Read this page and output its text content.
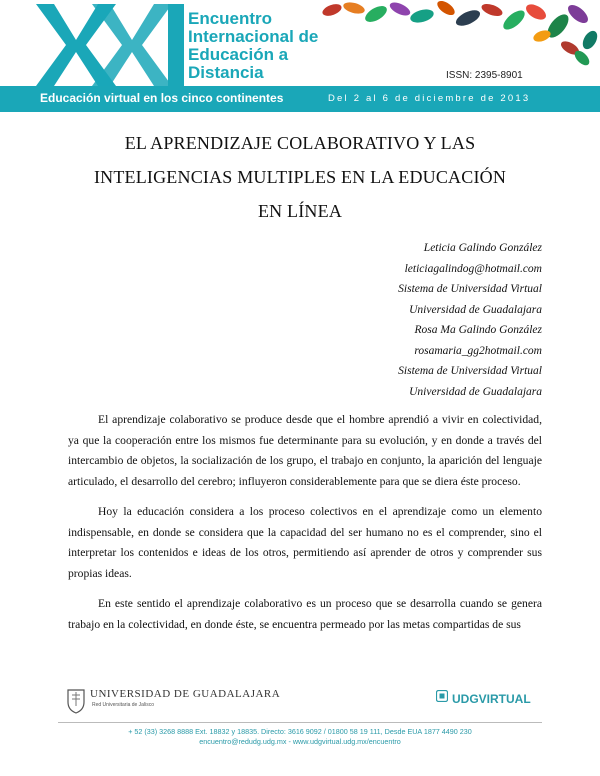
Encuentro
Internacional de
Educación a
Distancia	ISSN: 2395-8901
Educación virtual en los cinco continentes	Del 2 al 6 de diciembre de 2013
EL APRENDIZAJE COLABORATIVO Y LAS
INTELIGENCIAS MULTIPLES EN LA EDUCACIÓN
EN LÍNEA
Leticia Galindo González
leticiagalindog@hotmail.com
Sistema de Universidad Virtual
Universidad de Guadalajara
Rosa Ma Galindo González
rosamaria_gg2hotmail.com
Sistema de Universidad Virtual
Universidad de Guadalajara

El aprendizaje colaborativo se produce desde que el hombre aprendió a vivir en colectividad, ya que la cooperación entre los mismos fue determinante para su evolución, y en donde a través del intercambio de objetos, la socialización de los grupo, el trabajo en conjunto, la aparición del lenguaje articulado, el desarrollo del cerebro; influyeron considerablemente para que se diera éste proceso.

Hoy la educación considera a los proceso colectivos en el aprendizaje como un elemento indispensable, en donde se considera que la capacidad del ser humano no es el comprender, sino el interpretar los contenidos e ideas de los otros, permitiendo así aprender de otros y comprender sus propias ideas.

En este sentido el aprendizaje colaborativo es un proceso que se desarrolla cuando se genera trabajo en la colectividad, en donde éste, se encuentra permeado por las metas compartidas de sus

UNIVERSIDAD DE GUADALAJARA
Red Universitaria de Jalisco	UDGVIRTUAL
+ 52 (33) 3268 8888 Ext. 18832 y 18835. Directo: 3616 9092 / 01800 58 19 111, Desde EUA 1877 4490 230
encuentro@redudg.udg.mx - www.udgvirtual.udg.mx/encuentro
